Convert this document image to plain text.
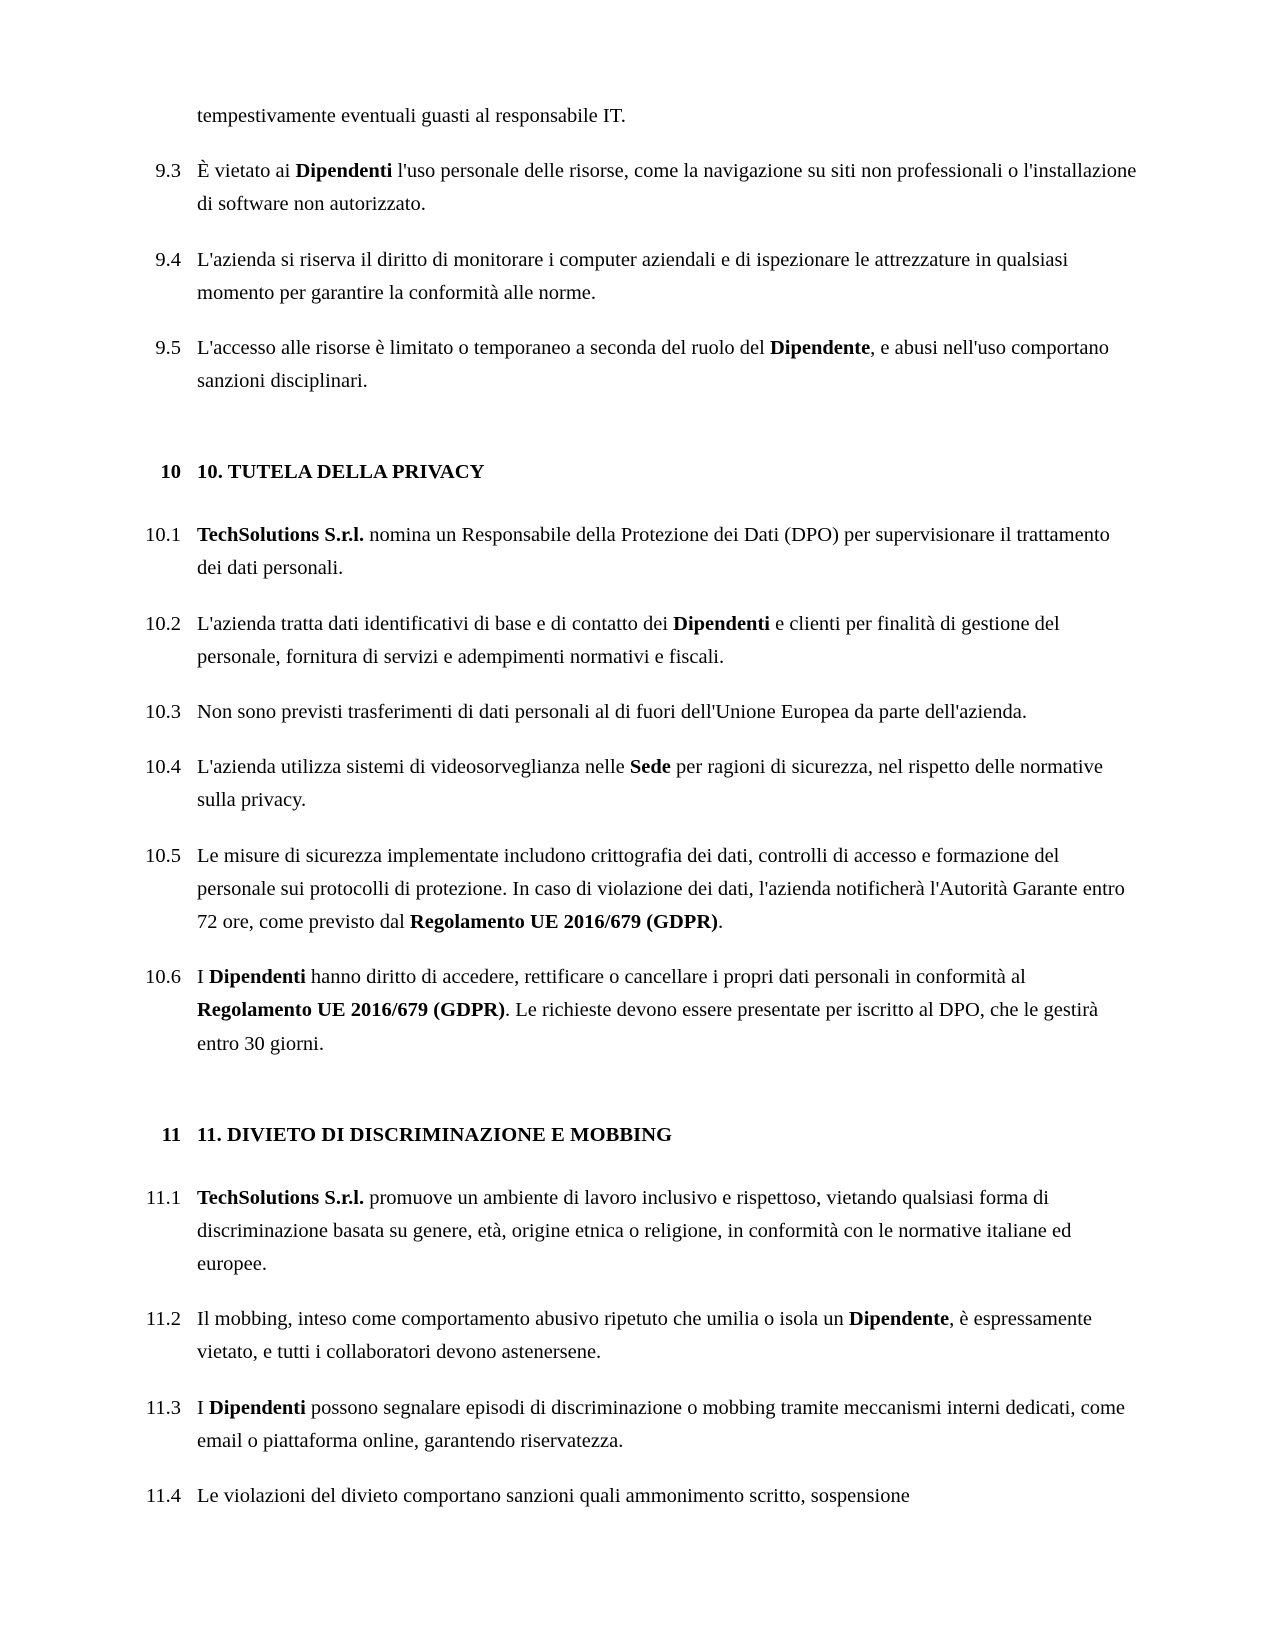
tempestivamente eventuali guasti al responsabile IT.

9.3 È vietato ai Dipendenti l'uso personale delle risorse, come la navigazione su siti non professionali o l'installazione di software non autorizzato.
9.4 L'azienda si riserva il diritto di monitorare i computer aziendali e di ispezionare le attrezzature in qualsiasi momento per garantire la conformità alle norme.
9.5 L'accesso alle risorse è limitato o temporaneo a seconda del ruolo del Dipendente, e abusi nell'uso comportano sanzioni disciplinari.
10 10. TUTELA DELLA PRIVACY
10.1 TechSolutions S.r.l. nomina un Responsabile della Protezione dei Dati (DPO) per supervisionare il trattamento dei dati personali.
10.2 L'azienda tratta dati identificativi di base e di contatto dei Dipendenti e clienti per finalità di gestione del personale, fornitura di servizi e adempimenti normativi e fiscali.
10.3 Non sono previsti trasferimenti di dati personali al di fuori dell'Unione Europea da parte dell'azienda.
10.4 L'azienda utilizza sistemi di videosorveglianza nelle Sede per ragioni di sicurezza, nel rispetto delle normative sulla privacy.
10.5 Le misure di sicurezza implementate includono crittografia dei dati, controlli di accesso e formazione del personale sui protocolli di protezione. In caso di violazione dei dati, l'azienda notificherà l'Autorità Garante entro 72 ore, come previsto dal Regolamento UE 2016/679 (GDPR).
10.6 I Dipendenti hanno diritto di accedere, rettificare o cancellare i propri dati personali in conformità al Regolamento UE 2016/679 (GDPR). Le richieste devono essere presentate per iscritto al DPO, che le gestirà entro 30 giorni.
11 11. DIVIETO DI DISCRIMINAZIONE E MOBBING
11.1 TechSolutions S.r.l. promuove un ambiente di lavoro inclusivo e rispettoso, vietando qualsiasi forma di discriminazione basata su genere, età, origine etnica o religione, in conformità con le normative italiane ed europee.
11.2 Il mobbing, inteso come comportamento abusivo ripetuto che umilia o isola un Dipendente, è espressamente vietato, e tutti i collaboratori devono astenersene.
11.3 I Dipendenti possono segnalare episodi di discriminazione o mobbing tramite meccanismi interni dedicati, come email o piattaforma online, garantendo riservatezza.
11.4 Le violazioni del divieto comportano sanzioni quali ammonimento scritto, sospensione
